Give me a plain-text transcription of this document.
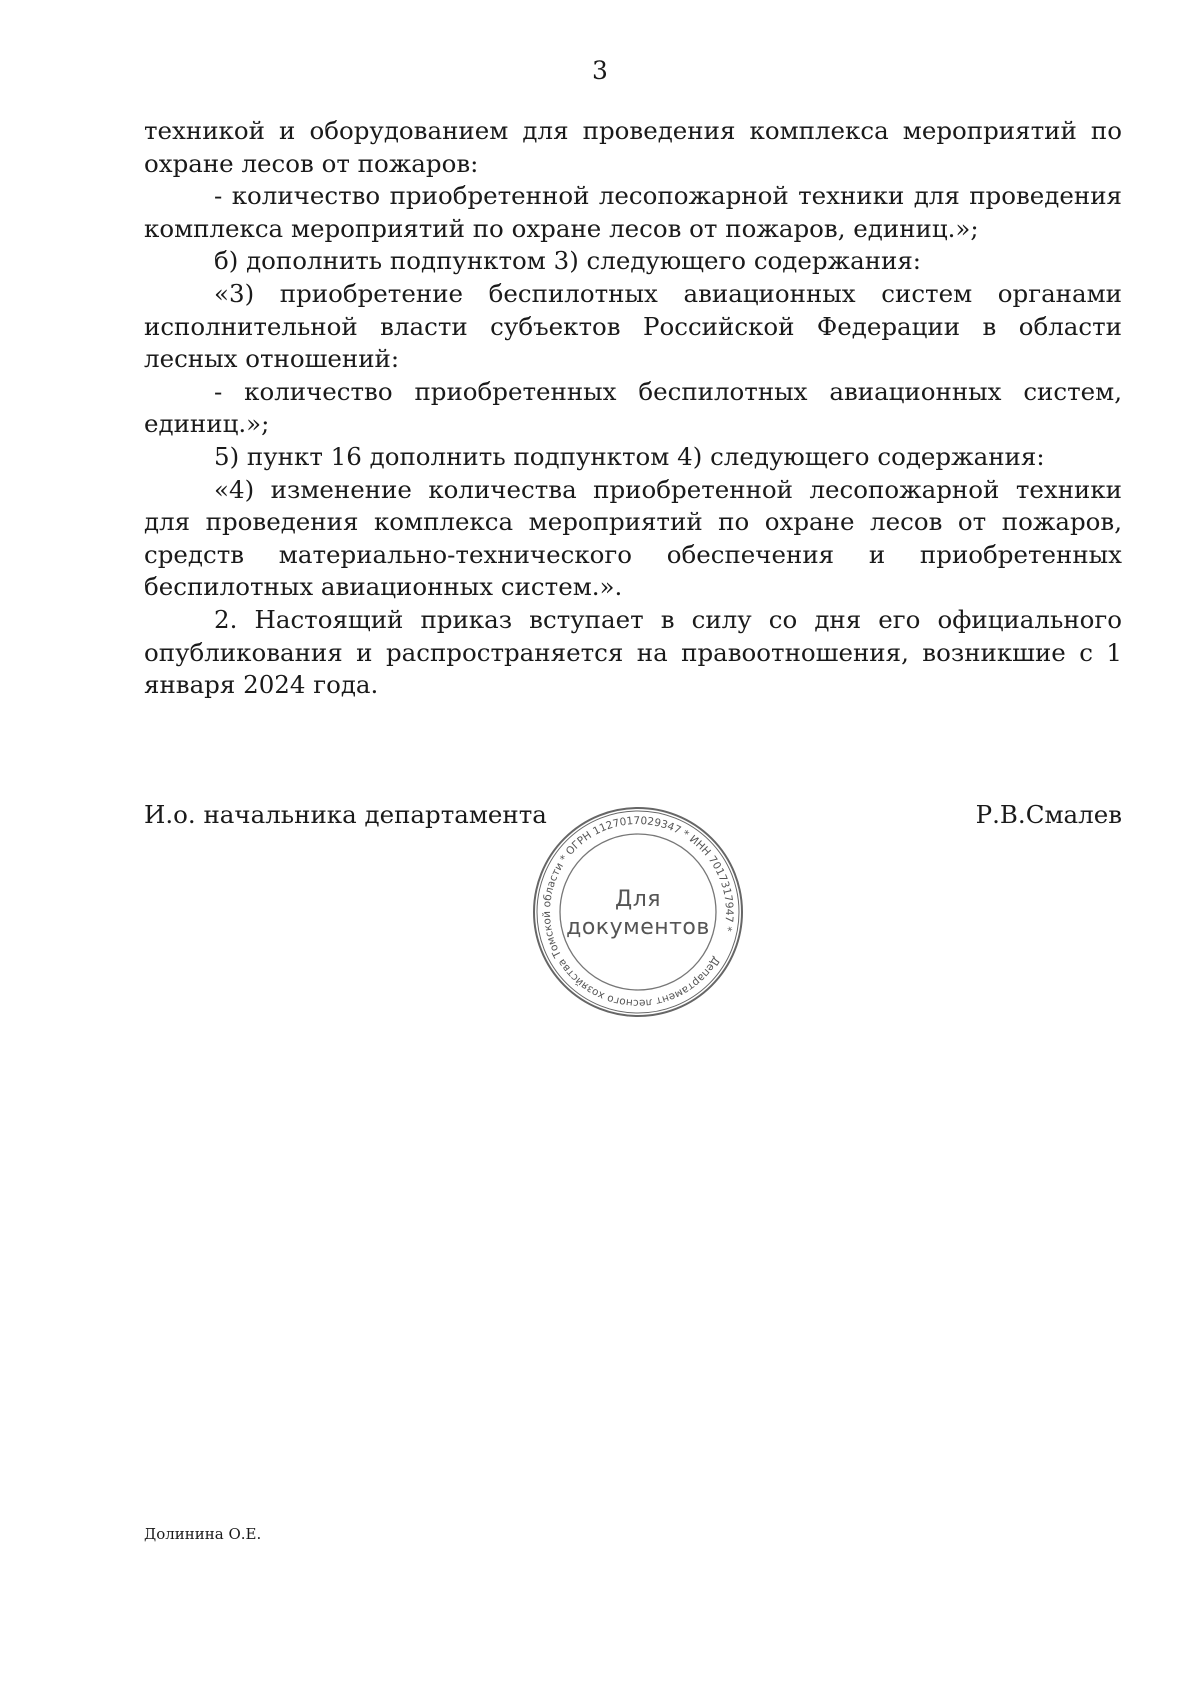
3

техникой и оборудованием для проведения комплекса мероприятий по охране лесов от пожаров:

- количество приобретенной лесопожарной техники для проведения комплекса мероприятий по охране лесов от пожаров, единиц.»;

б) дополнить подпунктом 3) следующего содержания:

«3) приобретение беспилотных авиационных систем органами исполнительной власти субъектов Российской Федерации в области лесных отношений:

- количество приобретенных беспилотных авиационных систем, единиц.»;

5) пункт 16 дополнить подпунктом 4) следующего содержания:

«4) изменение количества приобретенной лесопожарной техники для проведения комплекса мероприятий по охране лесов от пожаров, средств материально-технического обеспечения и приобретенных беспилотных авиационных систем.».

2. Настоящий приказ вступает в силу со дня его официального опубликования и распространяется на правоотношения, возникшие с 1 января 2024 года.

И.о. начальника департамента	Р.В.Смалев
Департамент лесного хозяйства Томской области * ОГРН 1127017029347 * ИНН 7017317947 *
Для
документов
Долинина О.Е.
